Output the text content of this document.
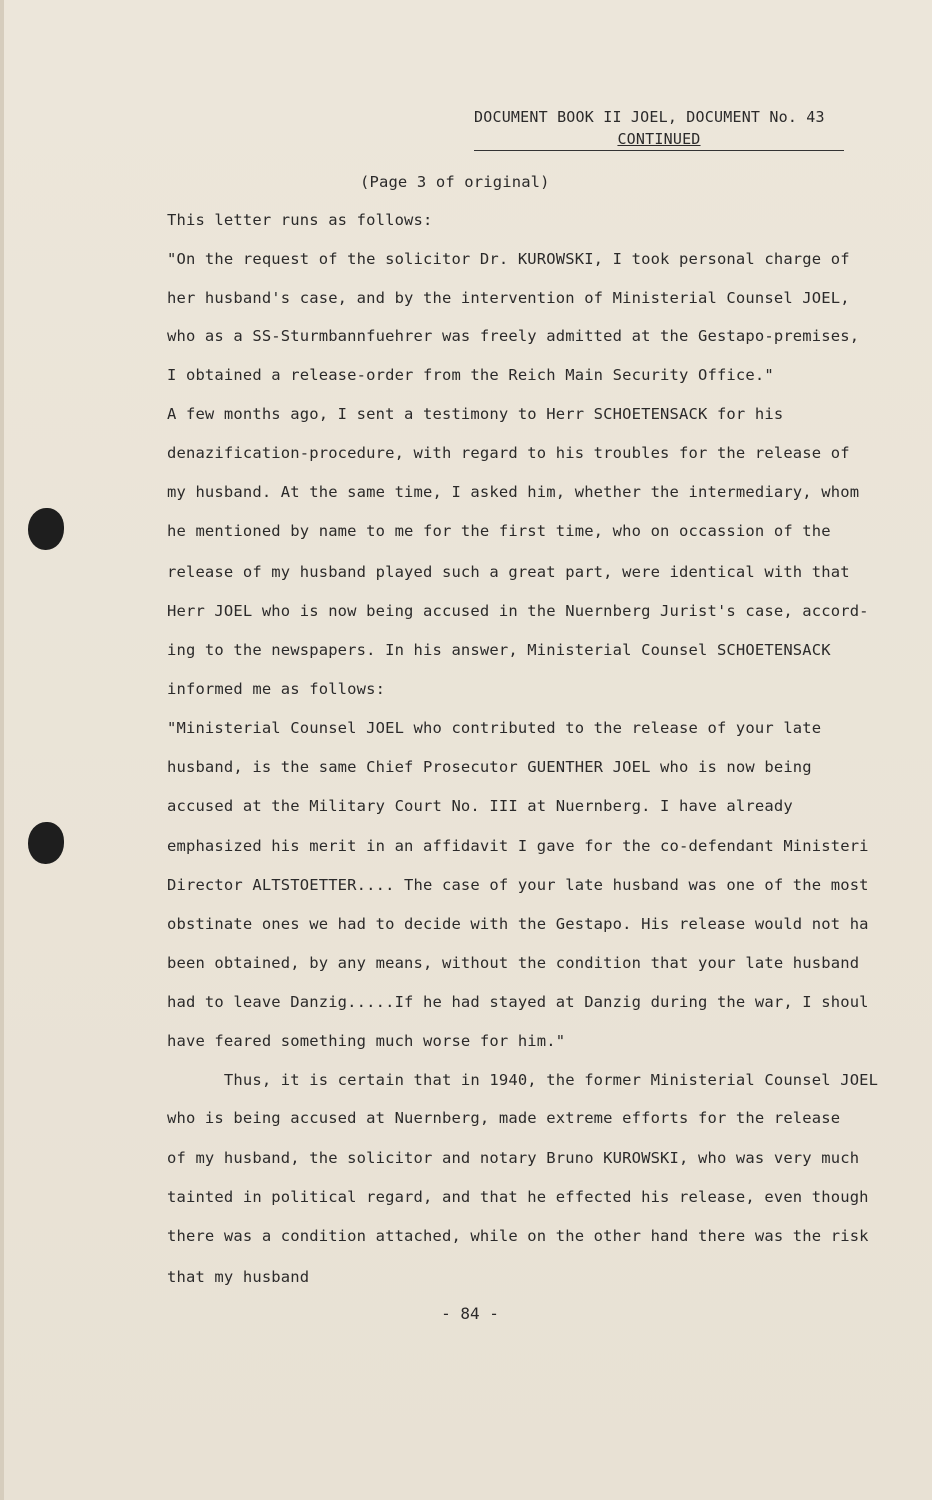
DOCUMENT BOOK II JOEL, DOCUMENT No. 43
CONTINUED
(Page 3 of original)
This letter runs as follows:
"On the request of the solicitor Dr. KUROWSKI, I took personal charge of
her husband's case, and by the intervention of Ministerial Counsel JOEL,
who as a SS-Sturmbannfuehrer was freely admitted at the Gestapo-premises,
I obtained a release-order from the Reich Main Security Office."
A few months ago, I sent a testimony to Herr SCHOETENSACK for his
denazification-procedure, with regard to his troubles for the release of
my husband. At the same time, I asked him, whether the intermediary, whom
he mentioned by name to me for the first time, who on occassion of the
release of my husband played such a great part, were identical with that
Herr JOEL who is now being accused in the Nuernberg Jurist's case, accord-
ing to the newspapers. In his answer, Ministerial Counsel SCHOETENSACK
informed me as follows:
"Ministerial Counsel JOEL who contributed to the release of your late
husband, is the same Chief Prosecutor GUENTHER JOEL who is now being
accused at the Military Court No. III at Nuernberg. I have already
emphasized his merit in an affidavit I gave for the co-defendant Ministeri
Director ALTSTOETTER.... The case of your late husband was one of the most
obstinate ones we had to decide with the Gestapo. His release would not ha
been obtained, by any means, without the condition that your late husband
had to leave Danzig.....If he had stayed at Danzig during the war, I shoul
have feared something much worse for him."
Thus, it is certain that in 1940, the former Ministerial Counsel JOEL
who is being accused at Nuernberg, made extreme efforts for the release
of my husband, the solicitor and notary Bruno KUROWSKI, who was very much
tainted in political regard, and that he effected his release, even though
there was a condition attached, while on the other hand there was the risk
that my husband
- 84 -
